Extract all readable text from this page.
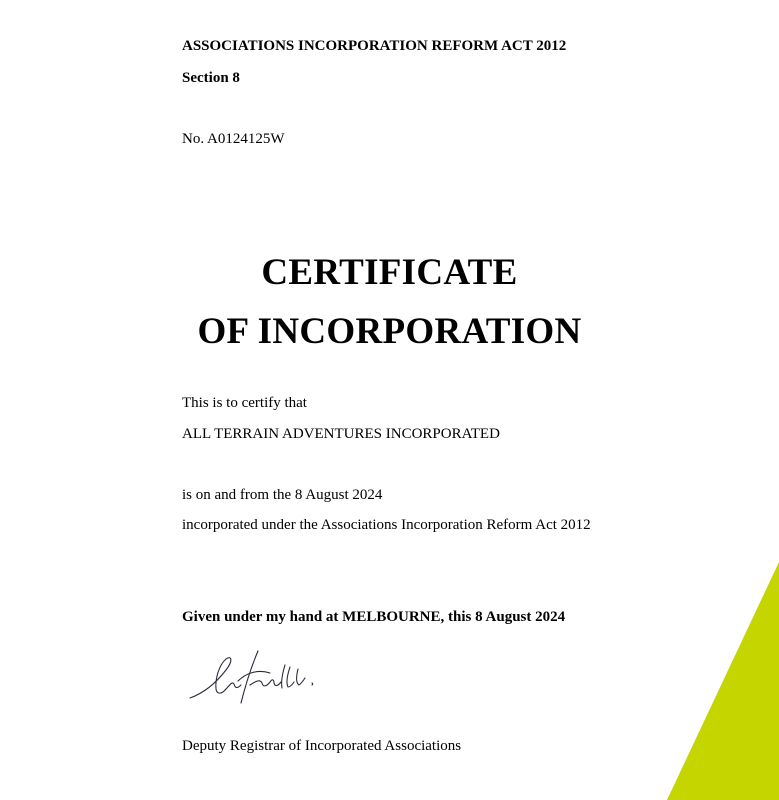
ASSOCIATIONS INCORPORATION REFORM ACT 2012

Section 8

No. A0124125W

CERTIFICATE

OF INCORPORATION

This is to certify that

ALL TERRAIN ADVENTURES INCORPORATED

is on and from the 8 August 2024

incorporated under the Associations Incorporation Reform Act 2012

Given under my hand at MELBOURNE, this 8 August 2024

Deputy Registrar of Incorporated Associations
